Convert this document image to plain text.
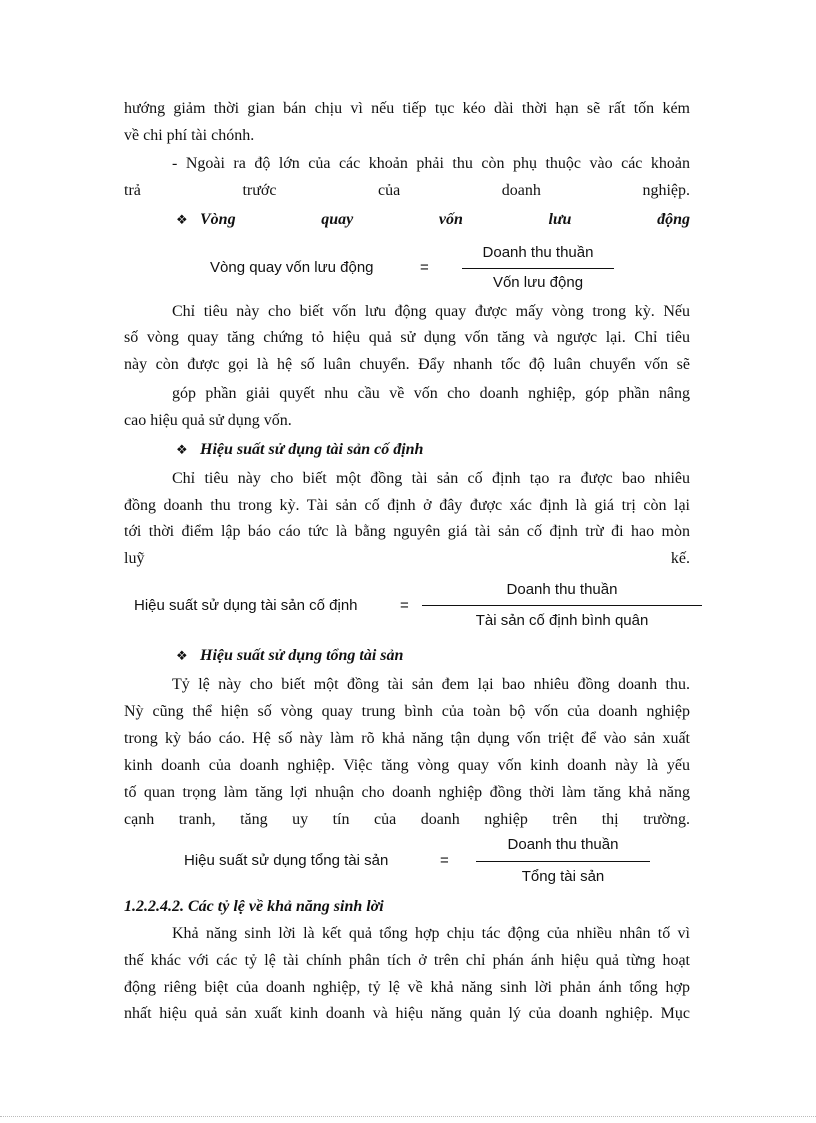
hướng giảm thời gian bán chịu vì nếu tiếp tục kéo dài thời hạn sẽ rất tốn kém
về chi phí tài chónh.
- Ngoài ra độ lớn của các khoản phải thu còn phụ thuộc vào các khoản
trả trước của doanh nghiệp.
❖ Vòng quay vốn lưu động
Vòng quay vốn lưu động	=
Doanh thu thuần
Vốn lưu động
Chỉ tiêu này cho biết vốn lưu động quay được mấy vòng trong kỳ. Nếu
số vòng quay tăng chứng tỏ hiệu quả sử dụng vốn tăng và ngược lại. Chỉ tiêu
này còn được gọi là hệ số luân chuyển. Đẩy nhanh tốc độ luân chuyển vốn sẽ
góp phần giải quyết nhu cầu về vốn cho doanh nghiệp, góp phần nâng
cao hiệu quả sử dụng vốn.
❖ Hiệu suất sử dụng tài sản cố định
Chỉ tiêu này cho biết một đồng tài sản cố định tạo ra được bao nhiêu
đồng doanh thu trong kỳ. Tài sản cố định ở đây được xác định là giá trị còn lại
tới thời điểm lập báo cáo tức là bằng nguyên giá tài sản cố định trừ đi hao mòn
luỹ kế.
Hiệu suất sử dụng tài sản cố định	=
Doanh thu thuần
Tài sản cố định bình quân
❖ Hiệu suất sử dụng tổng tài sản
Tỷ lệ này cho biết một đồng tài sản đem lại bao nhiêu đồng doanh thu.
Nỳ cũng thể hiện số vòng quay trung bình của toàn bộ vốn của doanh nghiệp
trong kỳ báo cáo. Hệ số này làm rõ khả năng tận dụng vốn triệt để vào sản xuất
kinh doanh của doanh nghiệp. Việc tăng vòng quay vốn kinh doanh này là yếu
tố quan trọng làm tăng lợi nhuận cho doanh nghiệp đồng thời làm tăng khả năng
cạnh tranh, tăng uy tín của doanh nghiệp trên thị trường.
Hiệu suất sử dụng tổng tài sản	=
Doanh thu thuần
Tổng tài sản
1.2.2.4.2. Các tỷ lệ về khả năng sinh lời
Khả năng sinh lời là kết quả tổng hợp chịu tác động của nhiều nhân tố vì
thế khác với các tỷ lệ tài chính phân tích ở trên chỉ phán ánh hiệu quả từng hoạt
động riêng biệt của doanh nghiệp, tỷ lệ về khả năng sinh lời phản ánh tổng hợp
nhất hiệu quả sản xuất kinh doanh và hiệu năng quản lý của doanh nghiệp. Mục
